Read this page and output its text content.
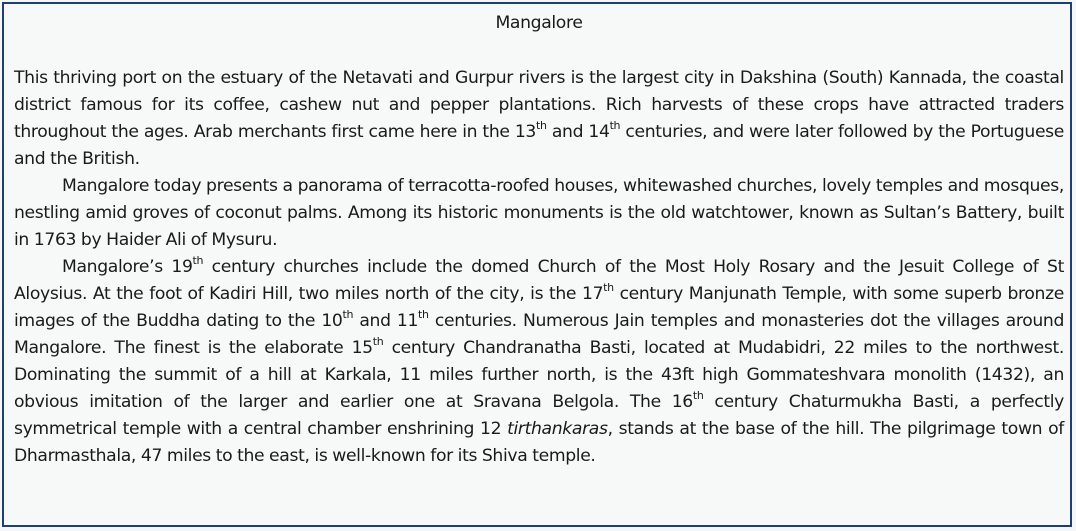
Mangalore

This thriving port on the estuary of the Netavati and Gurpur rivers is the largest city in Dakshina (South) Kannada, the coastal district famous for its coffee, cashew nut and pepper plantations. Rich harvests of these crops have attracted traders throughout the ages. Arab merchants first came here in the 13th and 14th centuries, and were later followed by the Portuguese and the British.

Mangalore today presents a panorama of terracotta-roofed houses, whitewashed churches, lovely temples and mosques, nestling amid groves of coconut palms. Among its historic monuments is the old watchtower, known as Sultan’s Battery, built in 1763 by Haider Ali of Mysuru.

Mangalore’s 19th century churches include the domed Church of the Most Holy Rosary and the Jesuit College of St Aloysius. At the foot of Kadiri Hill, two miles north of the city, is the 17th century Manjunath Temple, with some superb bronze images of the Buddha dating to the 10th and 11th centuries. Numerous Jain temples and monasteries dot the villages around Mangalore. The finest is the elaborate 15th century Chandranatha Basti, located at Mudabidri, 22 miles to the northwest. Dominating the summit of a hill at Karkala, 11 miles further north, is the 43ft high Gommateshvara monolith (1432), an obvious imitation of the larger and earlier one at Sravana Belgola. The 16th century Chaturmukha Basti, a perfectly symmetrical temple with a central chamber enshrining 12 tirthankaras, stands at the base of the hill. The pilgrimage town of Dharmasthala, 47 miles to the east, is well-known for its Shiva temple.
